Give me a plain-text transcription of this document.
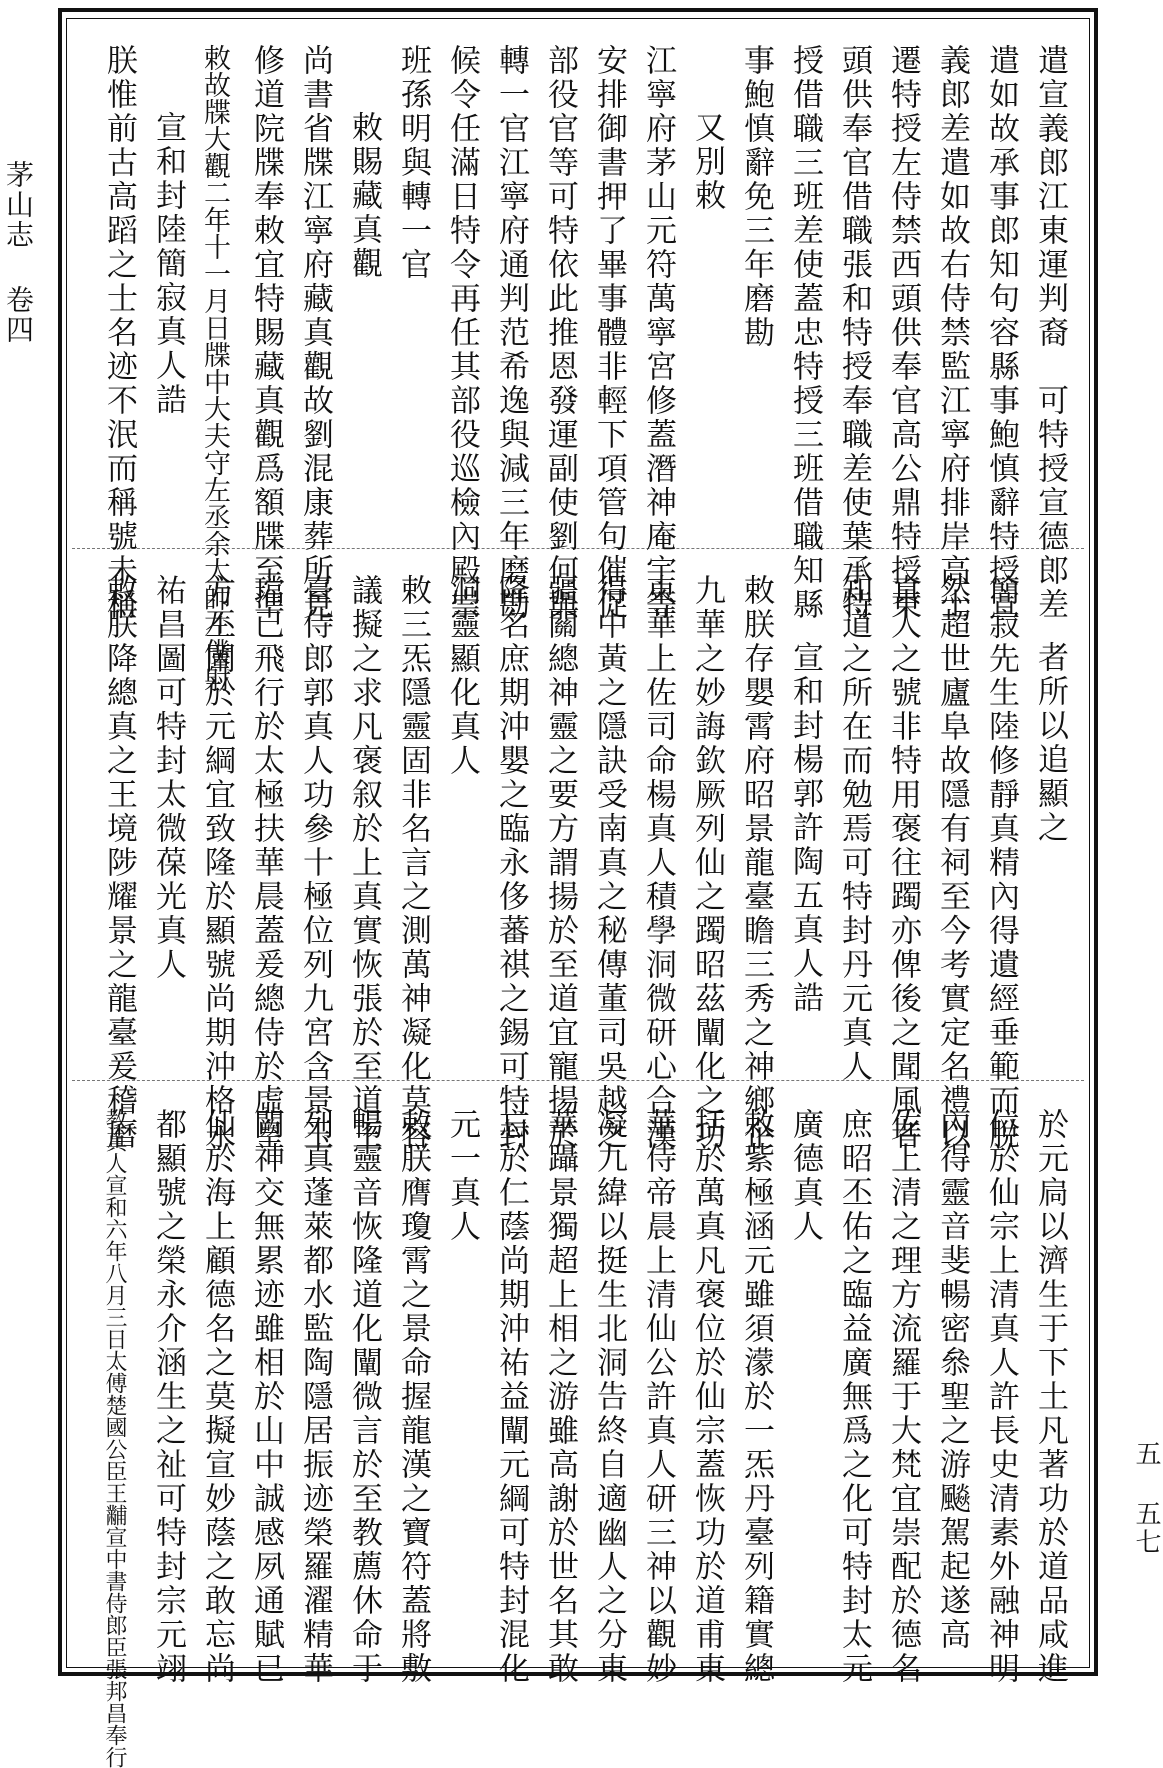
茅山志 卷四
五 五七
遣宣義郎江東運判裔　可特授宣德郎差
遣如故承事郎知句容縣事鮑慎辭特授宣
義郎差遣如故右侍禁監江寧府排岸高士
遷特授左侍禁西頭供奉官高公鼎特授東
頭供奉官借職張和特授奉職差使葉承特
授借職三班差使蓋忠特授三班借職知縣
事鮑慎辭免三年磨勘
又別敕
江寧府茅山元符萬寧宮修蓋潛神庵宇等
安排御書押了畢事體非輕下項管句催促
部役官等可特依此推恩發運副使劉何與
轉一官江寧府通判范希逸與減三年磨勘
候令任滿日特令再任其部役巡檢內殿崇
班孫明與轉一官
敕賜藏真觀
尚書省牒江寧府藏真觀故劉混康葬所見
修道院牒奉敕宜特賜藏真觀爲額牒至準
敕故牒大觀二年十一月日牒中大夫守左丞余太師左僕射
宣和封陸簡寂真人誥
朕惟前古高蹈之士名迹不泯而稱號未稱
者所以追顯之
簡寂先生陸修靜真精內得遺經垂範而脫
然超世廬阜故隱有祠至今考實定名禮以
真人之號非特用褒往躅亦俾後之聞風者
知道之所在而勉焉可特封丹元真人
宣和封楊郭許陶五真人誥
敕朕存嬰霄府昭景龍臺瞻三秀之神鄉企
九華之妙誨欽厥列仙之躅昭茲闡化之功
東華上佐司命楊真人積學洞微研心合漢
得中黃之隱訣受南真之秘傳董司吳越之
疆關總神靈之要方謂揚於至道宜寵揚於
隆名庶期沖嬰之臨永侈蕃祺之錫可特封
洞靈顯化真人
敕三炁隱靈固非名言之測萬神凝化莫容
議擬之求凡褒叙於上真實恢張於至道王
臺侍郎郭真人功參十極位列九宮含景玉
璫已飛行於太極扶華晨蓋爰總侍於虛皇
方丕闡於元綱宜致隆於顯號尚期沖格永
祐昌圖可特封太微葆光真人
敕朕降總真之王境陟耀景之龍臺爰稽曆
於元扃以濟生于下土凡著功於道品咸進
位於仙宗上清真人許長史清素外融神明
內得靈音斐暢密叅聖之游飈駕起遂高
佐上清之理方流羅于大梵宜崇配於德名
庶昭丕佑之臨益廣無爲之化可特封太元
廣德真人
敕紫極涵元雖須濛於一炁丹臺列籍實總
括於萬真凡褒位於仙宗蓋恢功於道甫東
華侍帝晨上清仙公許真人研三神以觀妙
凝九緯以挺生北洞告終自適幽人之分東
華躡景獨超上相之游雖高謝於世名其敢
忘於仁蔭尚期沖祐益闡元綱可特封混化
元一真人
敕朕膺瓊霄之景命握龍漢之寶符蓋將敷
暢靈音恢隆道化闡微言於至教薦休命于
列真蓬萊都水監陶隱居振迹榮羅濯精華
闕神交無累迹雖相於山中誠感夙通賦已
仙於海上顧德名之莫擬宣妙蔭之敢忘尚
都顯號之榮永介涵生之祉可特封宗元翊
教真人宣和六年八月三日太傅楚國公臣王黼宣中書侍郎臣張邦昌奉行
